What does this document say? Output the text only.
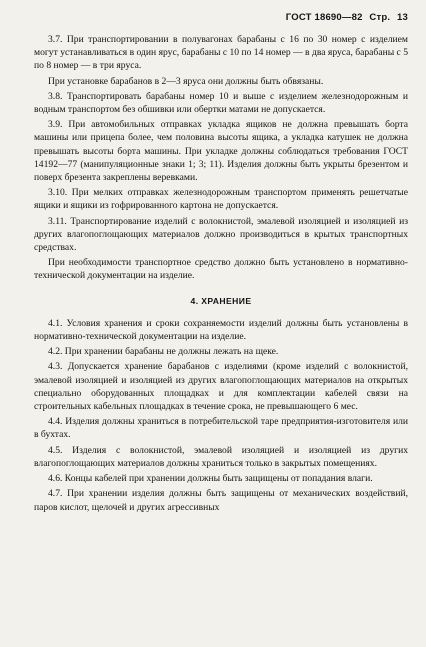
ГОСТ 18690—82 Стр. 13

3.7. При транспортировании в полувагонах барабаны с 16 по 30 номер с изделием могут устанавливаться в один ярус, барабаны с 10 по 14 номер — в два яруса, барабаны с 5 по 8 номер — в три яруса.

При установке барабанов в 2—3 яруса они должны быть обвязаны.

3.8. Транспортировать барабаны номер 10 и выше с изделием железнодорожным и водным транспортом без обшивки или обертки матами не допускается.

3.9. При автомобильных отправках укладка ящиков не должна превышать борта машины или прицепа более, чем половина высоты ящика, а укладка катушек не должна превышать высоты борта машины. При укладке должны соблюдаться требования ГОСТ 14192—77 (манипуляционные знаки 1; 3; 11). Изделия должны быть укрыты брезентом и поверх брезента закреплены веревками.

3.10. При мелких отправках железнодорожным транспортом применять решетчатые ящики и ящики из гофрированного картона не допускается.

3.11. Транспортирование изделий с волокнистой, эмалевой изоляцией и изоляцией из других влагопоглощающих материалов должно производиться в крытых транспортных средствах.

При необходимости транспортное средство должно быть установлено в нормативно-технической документации на изделие.

4. ХРАНЕНИЕ

4.1. Условия хранения и сроки сохраняемости изделий должны быть установлены в нормативно-технической документации на изделие.

4.2. При хранении барабаны не должны лежать на щеке.

4.3. Допускается хранение барабанов с изделиями (кроме изделий с волокнистой, эмалевой изоляцией и изоляцией из других влагопоглощающих материалов на открытых специально оборудованных площадках и для комплектации кабелей связи на строительных кабельных площадках в течение срока, не превышающего 6 мес.

4.4. Изделия должны храниться в потребительской таре предприятия-изготовителя или в бухтах.

4.5. Изделия с волокнистой, эмалевой изоляцией и изоляцией из других влагопоглощающих материалов должны храниться только в закрытых помещениях.

4.6. Концы кабелей при хранении должны быть защищены от попадания влаги.

4.7. При хранении изделия должны быть защищены от механических воздействий, паров кислот, щелочей и других агрессивных
